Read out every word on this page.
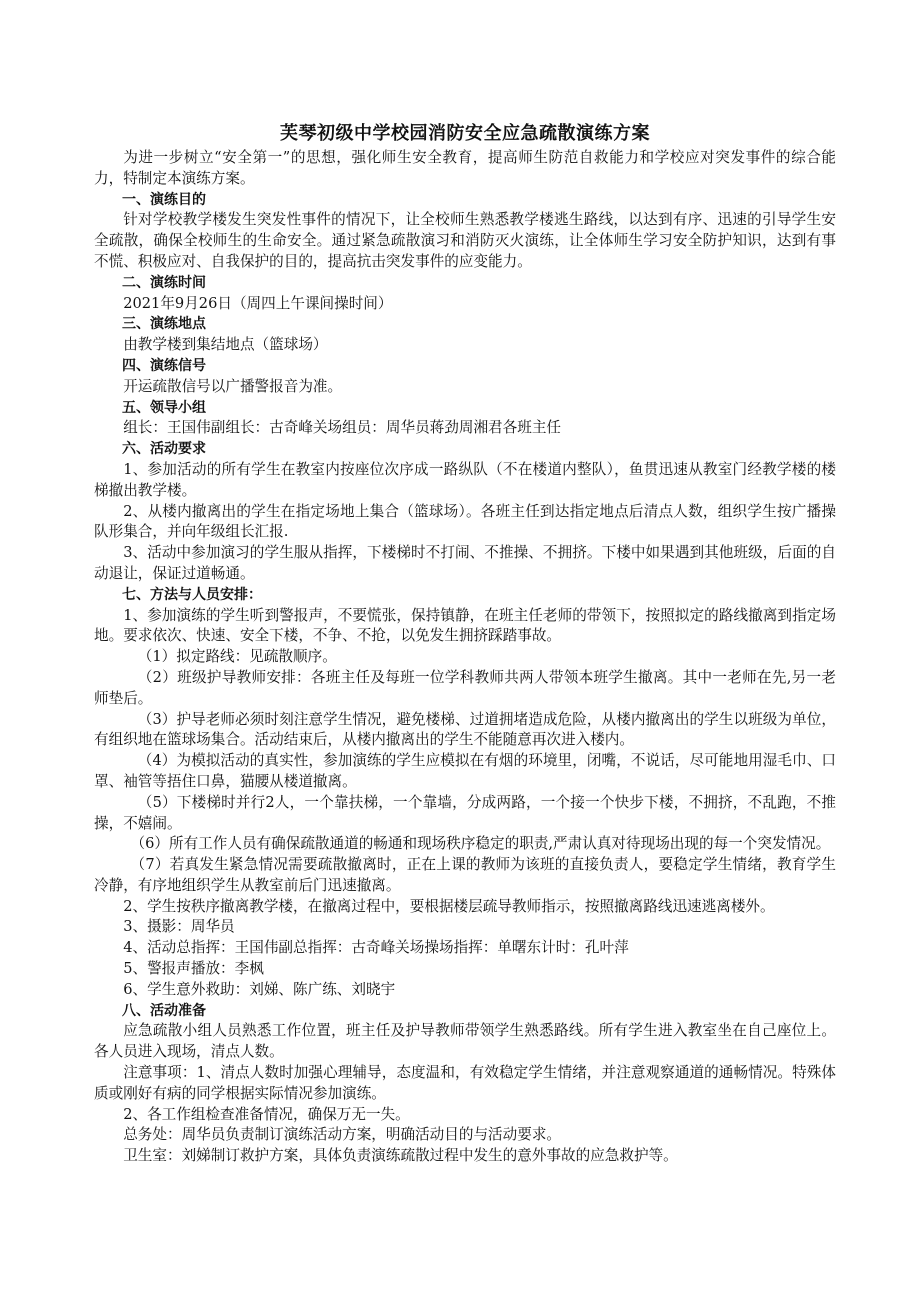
芙琴初级中学校园消防安全应急疏散演练方案

为进一步树立“安全第一”的思想，强化师生安全教育，提高师生防范自救能力和学校应对突发事件的综合能力，特制定本演练方案。

一、演练目的

针对学校教学楼发生突发性事件的情况下，让全校师生熟悉教学楼逃生路线，以达到有序、迅速的引导学生安全疏散，确保全校师生的生命安全。通过紧急疏散演习和消防灭火演练，让全体师生学习安全防护知识，达到有事不慌、积极应对、自我保护的目的，提高抗击突发事件的应变能力。

二、演练时间

2021年9月26日（周四上午课间操时间）

三、演练地点

由教学楼到集结地点（篮球场）

四、演练信号

开运疏散信号以广播警报音为准。

五、领导小组

组长：王国伟副组长：古奇峰关场组员：周华员蒋劲周湘君各班主任

六、活动要求

1、参加活动的所有学生在教室内按座位次序成一路纵队（不在楼道内整队），鱼贯迅速从教室门经教学楼的楼梯撤出教学楼。

2、从楼内撤离出的学生在指定场地上集合（篮球场）。各班主任到达指定地点后清点人数，组织学生按广播操队形集合，并向年级组长汇报.

3、活动中参加演习的学生服从指挥，下楼梯时不打闹、不推操、不拥挤。下楼中如果遇到其他班级，后面的自动退让，保证过道畅通。

七、方法与人员安排：

1、参加演练的学生听到警报声，不要慌张，保持镇静，在班主任老师的带领下，按照拟定的路线撤离到指定场地。要求依次、快速、安全下楼，不争、不抢，以免发生拥挤踩踏事故。

（1）拟定路线：见疏散顺序。

（2）班级护导教师安排：各班主任及每班一位学科教师共两人带领本班学生撤离。其中一老师在先,另一老师垫后。

（3）护导老师必须时刻注意学生情况，避免楼梯、过道拥堵造成危险，从楼内撤离出的学生以班级为单位，有组织地在篮球场集合。活动结束后，从楼内撤离出的学生不能随意再次进入楼内。

（4）为模拟活动的真实性，参加演练的学生应模拟在有烟的环境里，闭嘴，不说话，尽可能地用湿毛巾、口罩、袖管等捂住口鼻，猫腰从楼道撤离。

（5）下楼梯时并行2人，一个靠扶梯，一个靠墙，分成两路，一个接一个快步下楼，不拥挤，不乱跑，不推操，不嬉闹。

（6）所有工作人员有确保疏散通道的畅通和现场秩序稳定的职责,严肃认真对待现场出现的每一个突发情况。

（7）若真发生紧急情况需要疏散撤离时，正在上课的教师为该班的直接负责人，要稳定学生情绪，教育学生冷静，有序地组织学生从教室前后门迅速撤离。

2、学生按秩序撤离教学楼，在撤离过程中，要根据楼层疏导教师指示，按照撤离路线迅速逃离楼外。

3、摄影：周华员

4、活动总指挥：王国伟副总指挥：古奇峰关场操场指挥：单曙东计时：孔叶萍

5、警报声播放：李枫

6、学生意外救助：刘娣、陈广练、刘晓宇

八、活动准备

应急疏散小组人员熟悉工作位置，班主任及护导教师带领学生熟悉路线。所有学生进入教室坐在自己座位上。各人员进入现场，清点人数。

注意事项：1、清点人数时加强心理辅导，态度温和，有效稳定学生情绪，并注意观察通道的通畅情况。特殊体质或刚好有病的同学根据实际情况参加演练。

2、各工作组检查准备情况，确保万无一失。

总务处：周华员负责制订演练活动方案，明确活动目的与活动要求。

卫生室：刘娣制订救护方案，具体负责演练疏散过程中发生的意外事故的应急救护等。
